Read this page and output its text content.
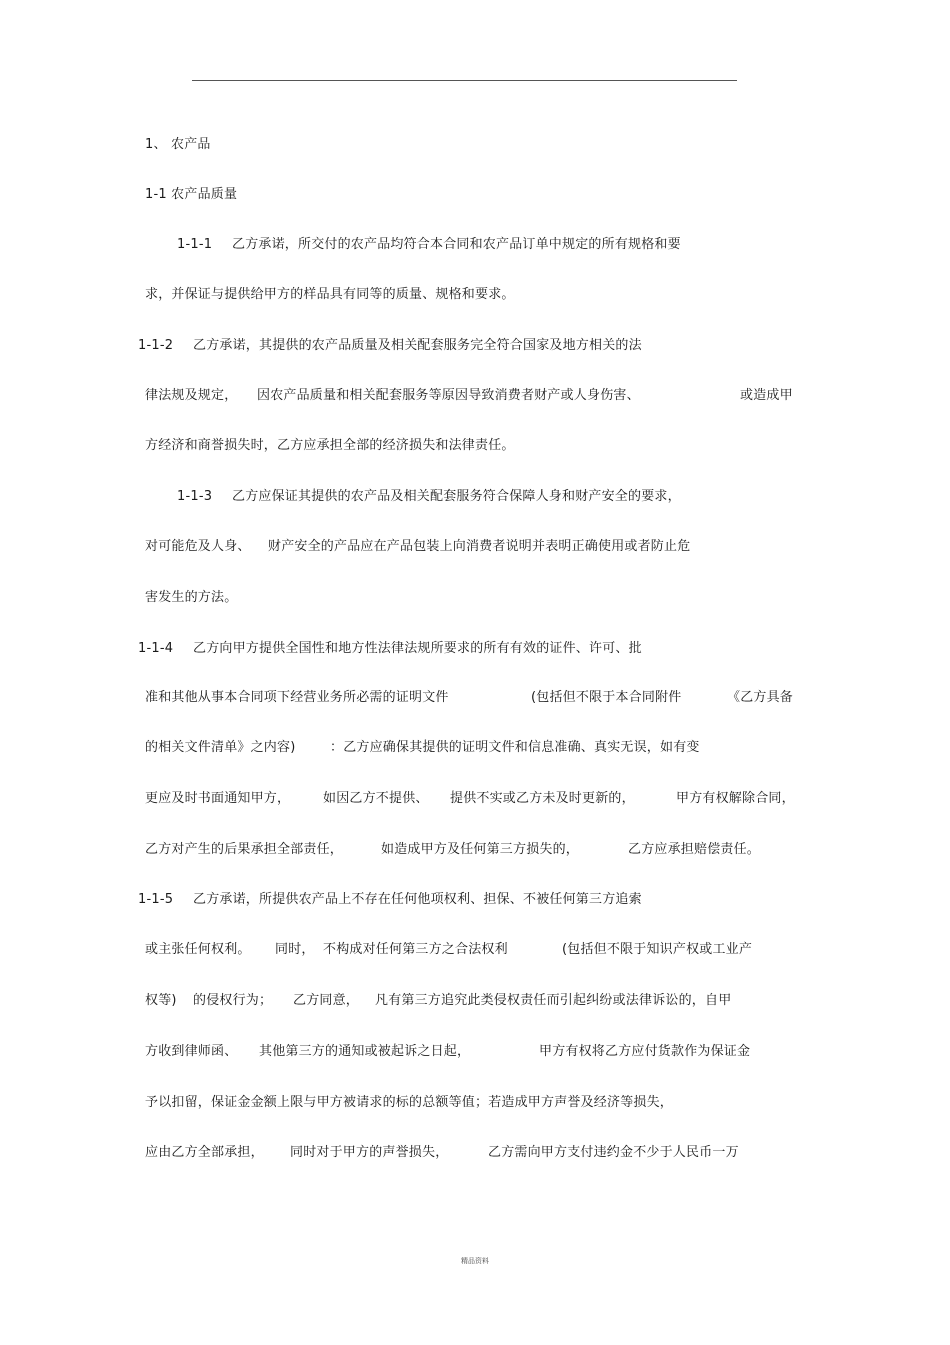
1、 农产品
1-1 农产品质量
1-1-1 乙方承诺，所交付的农产品均符合本合同和农产品订单中规定的所有规格和要
求，并保证与提供给甲方的样品具有同等的质量、规格和要求。
1-1-2 乙方承诺，其提供的农产品质量及相关配套服务完全符合国家及地方相关的法
律法规及规定， 因农产品质量和相关配套服务等原因导致消费者财产或人身伤害、	或造成甲
方经济和商誉损失时，乙方应承担全部的经济损失和法律责任。
1-1-3 乙方应保证其提供的农产品及相关配套服务符合保障人身和财产安全的要求，
对可能危及人身、 财产安全的产品应在产品包装上向消费者说明并表明正确使用或者防止危
害发生的方法。
1-1-4 乙方向甲方提供全国性和地方性法律法规所要求的所有有效的证件、许可、批
准和其他从事本合同项下经营业务所必需的证明文件	(包括但不限于本合同附件	《乙方具备
的相关文件清单》之内容)	：乙方应确保其提供的证明文件和信息准确、真实无误，如有变
更应及时书面通知甲方，	如因乙方不提供、 提供不实或乙方未及时更新的，	甲方有权解除合同，
乙方对产生的后果承担全部责任，	如造成甲方及任何第三方损失的，	乙方应承担赔偿责任。
1-1-5 乙方承诺，所提供农产品上不存在任何他项权利、担保、不被任何第三方追索
或主张任何权利。 同时， 不构成对任何第三方之合法权利	(包括但不限于知识产权或工业产
权等) 的侵权行为； 乙方同意， 凡有第三方追究此类侵权责任而引起纠纷或法律诉讼的，自甲
方收到律师函、 其他第三方的通知或被起诉之日起，	甲方有权将乙方应付货款作为保证金
予以扣留，保证金金额上限与甲方被请求的标的总额等值；若造成甲方声誉及经济等损失，
应由乙方全部承担， 同时对于甲方的声誉损失，	乙方需向甲方支付违约金不少于人民币一万
精品资料
